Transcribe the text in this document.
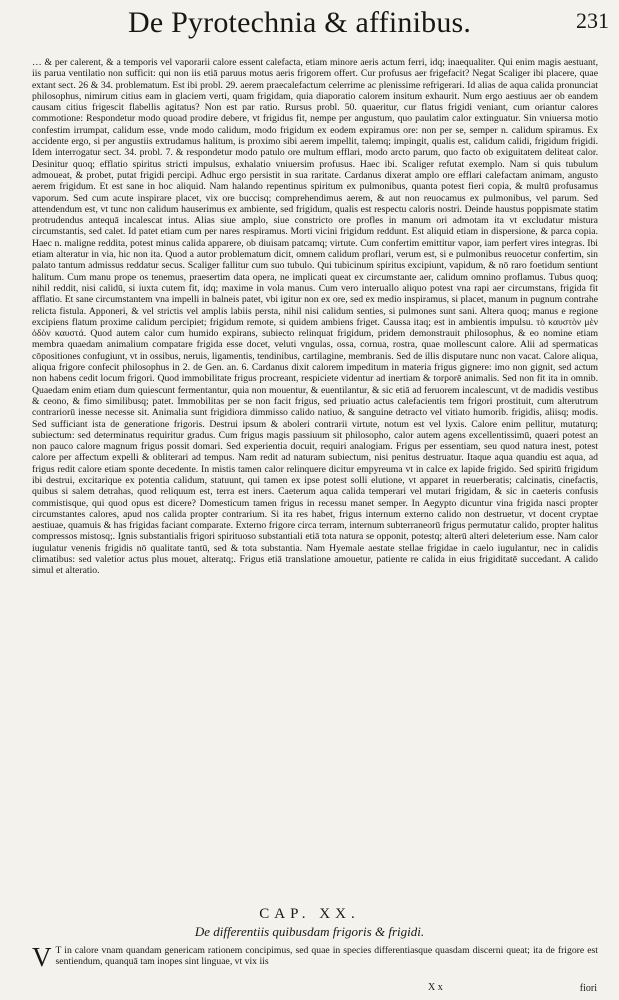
De Pyrotechnia & affinibus.	231

… & per calerent, & a temporis vel vaporarii calore essent calefacta, etiam minore aeris actum ferri, idq; inaequaliter. Qui enim magis aestuant, iis parua ventilatio non sufficit: qui non iis etiā paruus motus aeris frigorem offert. Cur profusus aer frigefacit? Negat Scaliger ibi placere, quae extant sect. 26 & 34. problematum. Est ibi probl. 29. aerem praecalefactum celerrime ac plenissime refrigerari. Id alias de aqua calida pronunciat philosophus, nimirum citius eam in glaciem verti, quam frigidam, quia diaporatio calorem insitum exhaurit. Num ergo aestiuus aer ob eandem causam citius frigescit flabellis agitatus? Non est par ratio. Rursus probl. 50. quaeritur, cur flatus frigidi veniant, cum oriantur calores commotione: Respondetur modo quoad prodire debere, vt frigidus fit, nempe per angustum, quo paulatim calor extinguatur. Sin vniuersa motio confestim irrumpat, calidum esse, vnde modo calidum, modo frigidum ex eodem expiramus ore: non per se, semper n. calidum spiramus. Ex accidente ergo, si per angustiis extrudamus halitum, is proximo sibi aerem impellit, talemq; impingit, qualis est, calidum calidi, frigidum frigidi. Idem interrogatur sect. 34. probl. 7. & respondetur modo patulo ore multum efflari, modo arcto parum, quo facto ob exiguitatem deliteat calor. Desinitur quoq; efflatio spiritus stricti impulsus, exhalatio vniuersim profusus. Haec ibi. Scaliger refutat exemplo. Nam si quis tubulum admoueat, & probet, putat frigidi percipi. Adhuc ergo persistit in sua raritate. Cardanus dixerat amplo ore efflari calefactam animam, angusto aerem frigidum. Et est sane in hoc aliquid. Nam halando repentinus spiritum ex pulmonibus, quanta potest fieri copia, & multū profusamus vaporum. Sed cum acute inspirare placet, vix ore buccisq; comprehendimus aerem, & aut non reuocamus ex pulmonibus, vel parum. Sed attendendum est, vt tunc non calidum hauserimus ex ambiente, sed frigidum, qualis est respectu caloris nostri. Deinde haustus poppismate statim protrudendus antequā incalescat intus. Alias siue amplo, siue constricto ore profles in manum ori admotam ita vt excludatur mistura circumstantis, sed calet. Id patet etiam cum per nares respiramus. Morti vicini frigidum reddunt. Est aliquid etiam in dispersione, & parca copia. Haec n. maligne reddita, potest minus calida apparere, ob diuisam patcamq; virtute. Cum confertim emittitur vapor, iam perfert vires integras. Ibi etiam alteratur in via, hic non ita. Quod a autor problematum dicit, omnem calidum proflari, verum est, si e pulmonibus reuocetur confertim, sin palato tantum admissus reddatur secus. Scaliger fallitur cum suo tubulo. Qui tubicinum spiritus excipiunt, vapidum, & nō raro foetidum sentiunt halitum. Cum manu prope os tenemus, praesertim data opera, ne implicati queat ex circumstante aer, calidum omnino proflamus. Tubus quoq; nihil reddit, nisi calidū, si iuxta cutem fit, idq; maxime in vola manus. Cum vero interuallo aliquo potest vna rapi aer circumstans, frigida fit afflatio. Et sane circumstantem vna impelli in balneis patet, vbi igitur non ex ore, sed ex medio inspiramus, si placet, manum in pugnum contrahe relicta fistula. Apponeri, & vel strictis vel amplis labiis persta, nihil nisi calidum senties, si pulmones sunt sani. Altera quoq; manus e regione excipiens flatum proxime calidum percipiet; frigidum remote, si quidem ambiens friget. Caussa itaq; est in ambientis impulsu. τὸ καυστὸν μὲν ὁδὸν καυστά. Quod autem calor cum humido expirans, subiecto relinquat frigidum, pridem demonstrauit philosophus, & eo nomine etiam membra quaedam animalium compatare frigida esse docet, veluti vngulas, ossa, cornua, rostra, quae mollescunt calore. Alii ad spermaticas cōpositiones confugiunt, vt in ossibus, neruis, ligamentis, tendinibus, cartilagine, membranis. Sed de illis disputare nunc non vacat. Calore aliqua, aliqua frigore confecit philosophus in 2. de Gen. an. 6. Cardanus dixit calorem impeditum in materia frigus gignere: imo non gignit, sed actum non habens cedit locum frigori. Quod immobilitate frigus procreant, respiciete videntur ad inertiam & torporē animalis. Sed non fit ita in omnib. Quaedam enim etiam dum quiescunt fermentantur, quia non mouentur, & euentilantur, & sic etiā ad feruorem incalescunt, vt de madidis vestibus & ceono, & fimo similibusq; patet. Immobilitas per se non facit frigus, sed priuatio actus calefacientis tem frigori prostituit, cum alterutrum contrariorū inesse necesse sit. Animalia sunt frigidiora dimmisso calido natiuo, & sanguine detracto vel vitiato humorib. frigidis, aliisq; modis. Sed sufficiant ista de generatione frigoris. Destrui ipsum & aboleri contrarii virtute, notum est vel lyxis. Calore enim pellitur, mutaturq; subiectum: sed determinatus requiritur gradus. Cum frigus magis passiuum sit philosopho, calor autem agens excellentissimū, quaeri potest an non pauco calore magnum frigus possit domari. Sed experientia docuit, requiri analogiam. Frigus per essentiam, seu quod natura inest, potest calore per affectum expelli & obliterari ad tempus. Nam redit ad naturam subiectum, nisi penitus destruatur. Itaque aqua quandiu est aqua, ad frigus redit calore etiam sponte decedente. In mistis tamen calor relinquere dicitur empyreuma vt in calce ex lapide frigido. Sed spiritū frigidum ibi destrui, excitarique ex potentia calidum, statuunt, qui tamen ex ipse potest solli elutione, vt apparet in reuerberatis; calcinatis, cinefactis, quibus si salem detrahas, quod reliquum est, terra est iners. Caeterum aqua calida temperari vel mutari frigidam, & sic in caeteris confusis commistisque, qui quod opus est dicere? Domesticum tamen frigus in recessu manet semper. In Aegypto dicuntur vina frigida nasci propter circumstantes calores, apud nos calida propter contrarium. Si ita res habet, frigus internum externo calido non destruetur, vt docent cryptae aestiuae, quamuis & has frigidas faciant comparate. Externo frigore circa terram, internum subterraneorū frigus permutatur calido, propter halitus compressos mistosq;. Ignis substantialis frigori spirituoso substantiali etiā tota natura se opponit, potestq; alterū alteri deleterium esse. Nam calor iugulatur venenis frigidis nō qualitate tantū, sed & tota substantia. Nam Hyemale aestate stellae frigidae in caelo iugulantur, nec in calidis climatibus: sed valetior actus plus mouet, alteratq;. Frigus etiā translatione amouetur, patiente re calida in eius frigiditatē succedant. A calido simul et alteratio.

CAP. XX.
De differentiis quibusdam frigoris & frigidi.

V T in calore vnam quandam genericam rationem concipimus, sed quae in species differentiasque quasdam discerni queat; ita de frigore est sentiendum, quanquā tam inopes sint linguae, vt vix iis

X x	fiori
